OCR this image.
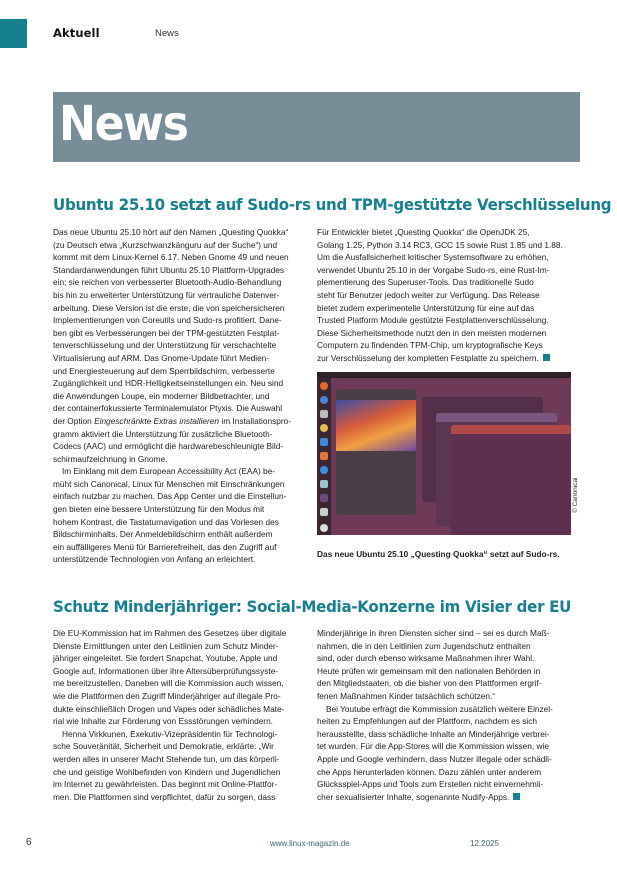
Aktuell	News
News
Ubuntu 25.10 setzt auf Sudo-rs und TPM-gestützte Verschlüsselung

Das neue Ubuntu 25.10 hört auf den Namen „Questing Quokka“
(zu Deutsch etwa „Kurzschwanzkänguru auf der Suche“) und
kommt mit dem Linux-Kernel 6.17. Neben Gnome 49 und neuen
Standardanwendungen führt Ubuntu 25.10 Plattform-Upgrades
ein; sie reichen von verbesserter Bluetooth-Audio-Behandlung
bis hin zu erweiterter Unterstützung für vertrauliche Datenver-
arbeitung. Diese Version ist die erste, die von speichersicheren
Implementierungen von Coreutils und Sudo-rs profitiert. Dane-
ben gibt es Verbesserungen bei der TPM-gestützten Festplat-
tenverschlüsselung und der Unterstützung für verschachtelte
Virtualisierung auf ARM. Das Gnome-Update führt Medien-
und Energiesteuerung auf dem Sperrbildschirm, verbesserte
Zugänglichkeit und HDR-Helligkeitseinstellungen ein. Neu sind
die Anwendungen Loupe, ein moderner Bildbetrachter, und
der containerfokussierte Terminalemulator Ptyxis. Die Auswahl
der Option Eingeschränkte Extras installieren im Installationspro-
gramm aktiviert die Unterstützung für zusätzliche Bluetooth-
Codecs (AAC) und ermöglicht die hardwarebeschleunigte Bild-
schirmaufzeichnung in Gnome.

Im Einklang mit dem European Accessibility Act (EAA) be-
müht sich Canonical, Linux für Menschen mit Einschränkungen
einfach nutzbar zu machen. Das App Center und die Einstellun-
gen bieten eine bessere Unterstützung für den Modus mit
hohem Kontrast, die Tastaturnavigation und das Vorlesen des
Bildschirminhalts. Der Anmeldebildschirm enthält außerdem
ein auffälligeres Menü für Barrierefreiheit, das den Zugriff auf
unterstützende Technologien von Anfang an erleichtert.

Für Entwickler bietet „Questing Quokka“ die OpenJDK 25,
Golang 1.25, Python 3.14 RC3, GCC 15 sowie Rust 1.85 und 1.88.
Um die Ausfallsicherheit kritischer Systemsoftware zu erhöhen,
verwendet Ubuntu 25.10 in der Vorgabe Sudo-rs, eine Rust-Im-
plementierung des Superuser-Tools. Das traditionelle Sudo
steht für Benutzer jedoch weiter zur Verfügung. Das Release
bietet zudem experimentelle Unterstützung für eine auf das
Trusted Platform Module gestützte Festplattenverschlüsselung.
Diese Sicherheitsmethode nutzt den in den meisten modernen
Computern zu findenden TPM-Chip, um kryptografische Keys
zur Verschlüsselung der kompletten Festplatte zu speichern.

© Canonical
Das neue Ubuntu 25.10 „Questing Quokka“ setzt auf Sudo-rs.
Schutz Minderjähriger: Social-Media-Konzerne im Visier der EU

Die EU-Kommission hat im Rahmen des Gesetzes über digitale
Dienste Ermittlungen unter den Leitlinien zum Schutz Minder-
jähriger eingeleitet. Sie fordert Snapchat, Youtube, Apple und
Google auf, Informationen über ihre Altersüberprüfungssyste-
me bereitzustellen. Daneben will die Kommission auch wissen,
wie die Plattformen den Zugriff Minderjähriger auf illegale Pro-
dukte einschließlich Drogen und Vapes oder schädliches Mate-
rial wie Inhalte zur Förderung von Essstörungen verhindern.

Henna Virkkunen, Exekutiv-Vizepräsidentin für Technologi-
sche Souveränität, Sicherheit und Demokratie, erklärte: „Wir
werden alles in unserer Macht Stehende tun, um das körperli-
che und geistige Wohlbefinden von Kindern und Jugendlichen
im Internet zu gewährleisten. Das beginnt mit Online-Plattfor-
men. Die Plattformen sind verpflichtet, dafür zu sorgen, dass

Minderjährige in ihren Diensten sicher sind – sei es durch Maß-
nahmen, die in den Leitlinien zum Jugendschutz enthalten
sind, oder durch ebenso wirksame Maßnahmen ihrer Wahl.
Heute prüfen wir gemeinsam mit den nationalen Behörden in
den Mitgliedstaaten, ob die bisher von den Plattformen ergrif-
fenen Maßnahmen Kinder tatsächlich schützen.“

Bei Youtube erfragt die Kommission zusätzlich weitere Einzel-
heiten zu Empfehlungen auf der Plattform, nachdem es sich
herausstellte, dass schädliche Inhalte an Minderjährige verbrei-
tet wurden. Für die App-Stores will die Kommission wissen, wie
Apple und Google verhindern, dass Nutzer illegale oder schädli-
che Apps herunterladen können. Dazu zählen unter anderem
Glücksspiel-Apps und Tools zum Erstellen nicht einvernehmli-
cher sexualisierter Inhalte, sogenannte Nudify-Apps.

6	www.linux-magazin.de	12.2025
